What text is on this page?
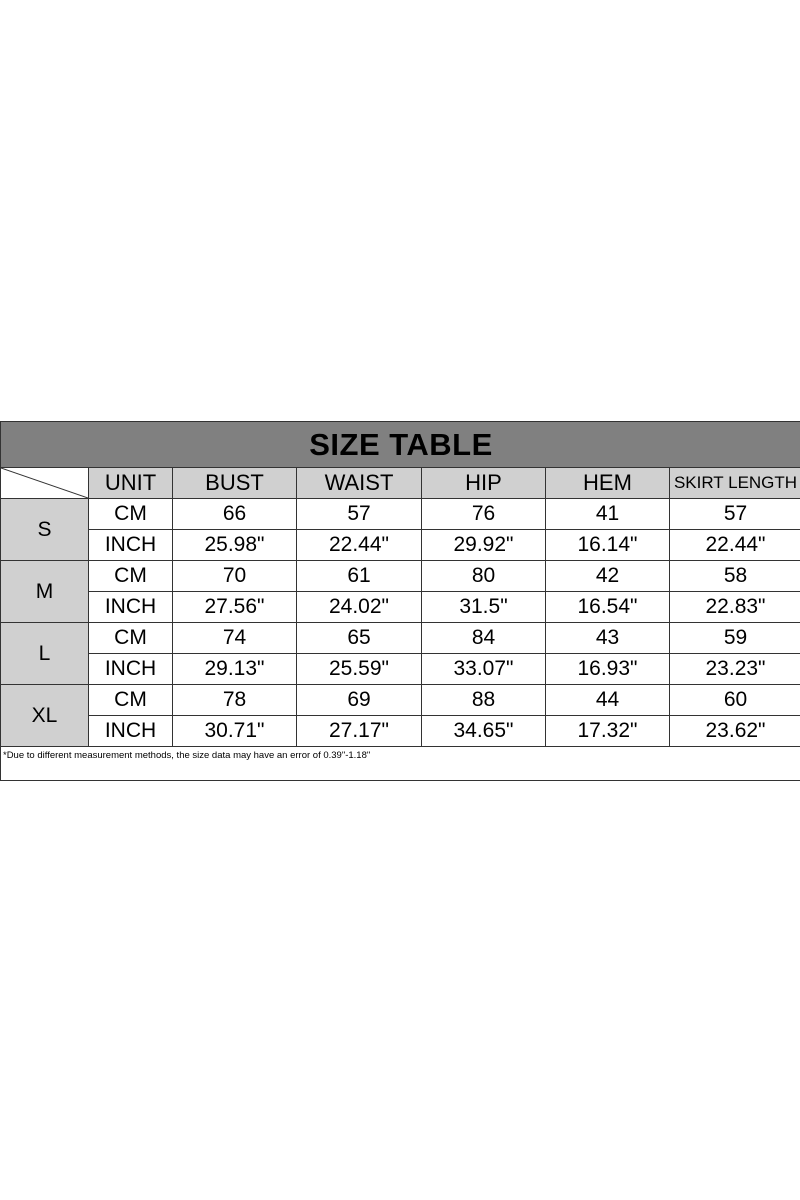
SIZE TABLE						

	UNIT	BUST	WAIST	HIP	HEM	SKIRT LENGTH
S	CM	66	57	76	41	57
	INCH	25.98"	22.44"	29.92"	16.14"	22.44"
M	CM	70	61	80	42	58
	INCH	27.56"	24.02"	31.5"	16.54"	22.83"
L	CM	74	65	84	43	59
	INCH	29.13"	25.59"	33.07"	16.93"	23.23"
XL	CM	78	69	88	44	60
	INCH	30.71"	27.17"	34.65"	17.32"	23.62"
*Due to different measurement methods, the size data may have an error of 0.39"-1.18"						
